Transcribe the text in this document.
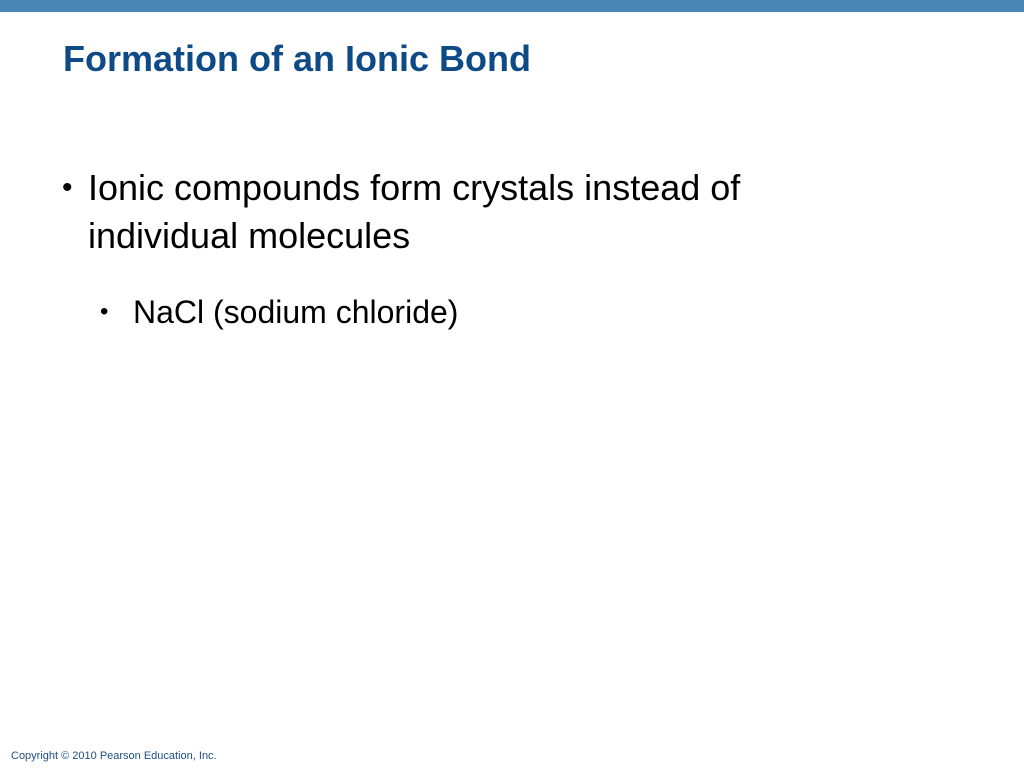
Formation of an Ionic Bond
• Ionic compounds form crystals instead of individual molecules
• NaCl (sodium chloride)
Copyright © 2010 Pearson Education, Inc.
